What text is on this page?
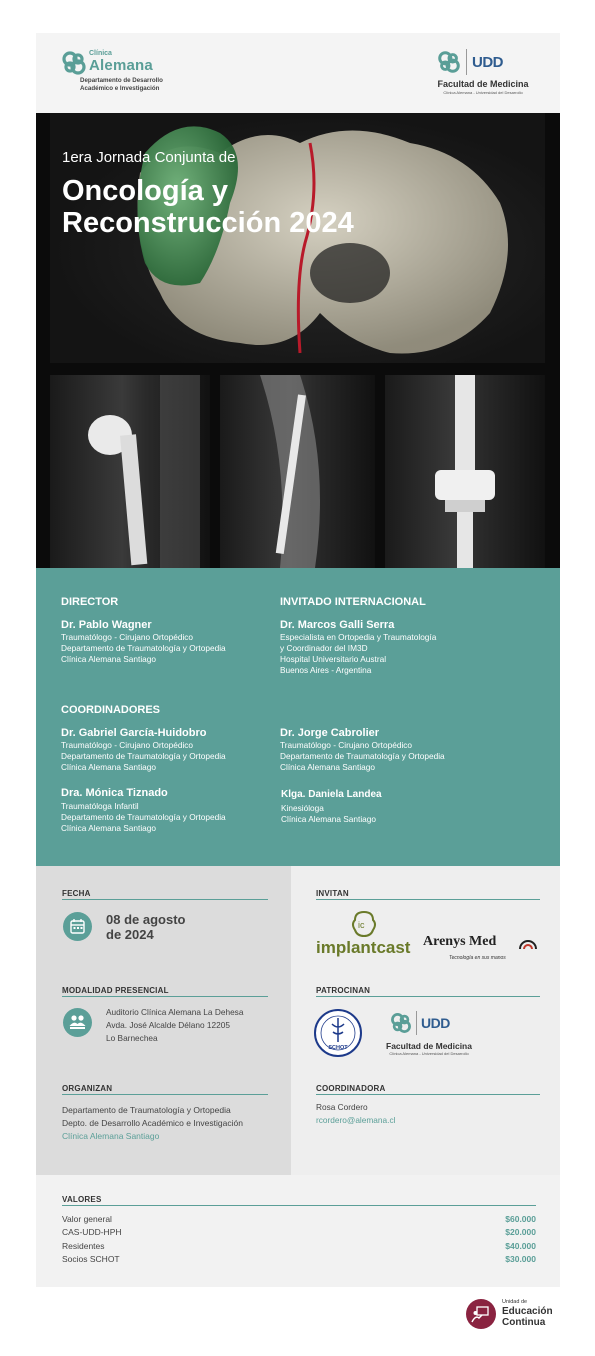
Clínica
Alemana
Departamento de Desarrollo
Académico e Investigación
UDD
Facultad de Medicina
Clínica Alemana - Universidad del Desarrollo
1era Jornada Conjunta de
Oncología y
Reconstrucción 2024
DIRECTOR
Dr. Pablo Wagner
Traumatólogo - Cirujano Ortopédico
Departamento de Traumatología y Ortopedia
Clínica Alemana Santiago
INVITADO INTERNACIONAL
Dr. Marcos Galli Serra
Especialista en Ortopedia y Traumatología
y Coordinador del IM3D
Hospital Universitario Austral
Buenos Aires - Argentina
COORDINADORES
Dr. Gabriel García-Huidobro
Traumatólogo - Cirujano Ortopédico
Departamento de Traumatología y Ortopedia
Clínica Alemana Santiago
Dr. Jorge Cabrolier
Traumatólogo - Cirujano Ortopédico
Departamento de Traumatología y Ortopedia
Clínica Alemana Santiago
Dra. Mónica Tiznado
Traumatóloga Infantil
Departamento de Traumatología y Ortopedia
Clínica Alemana Santiago
Klga. Daniela Landea
Kinesióloga
Clínica Alemana Santiago
FECHA
08 de agosto
de 2024
MODALIDAD PRESENCIAL
Auditorio Clínica Alemana La Dehesa
Avda. José Alcalde Délano 12205
Lo Barnechea
ORGANIZAN
Departamento de Traumatología y Ortopedia
Depto. de Desarrollo Académico e Investigación
Clínica Alemana Santiago
INVITAN
ic
implantcast Arenys Med
Tecnología en sus manos
PATROCINAN
SCHOT
UDD
Facultad de Medicina
Clínica Alemana - Universidad del Desarrollo
COORDINADORA
Rosa Cordero
rcordero@alemana.cl
VALORES
Valor general	$60.000
CAS-UDD-HPH	$20.000
Residentes	$40.000
Socios SCHOT	$30.000
Unidad de
Educación
Continua
